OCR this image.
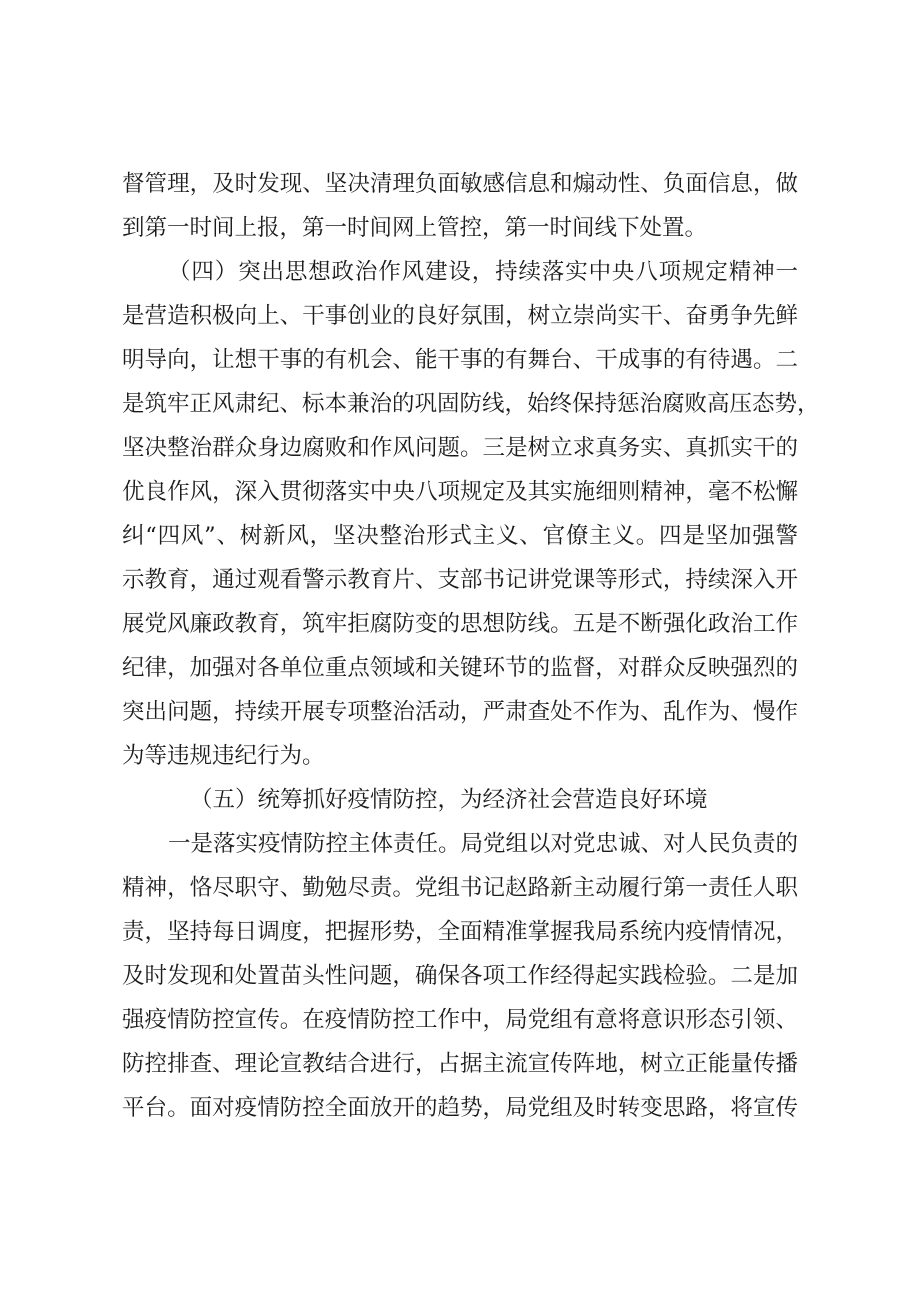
督管理，及时发现、坚决清理负面敏感信息和煽动性、负面信息，做
到第一时间上报，第一时间网上管控，第一时间线下处置。
（四）突出思想政治作风建设，持续落实中央八项规定精神一
是营造积极向上、干事创业的良好氛围，树立崇尚实干、奋勇争先鲜
明导向，让想干事的有机会、能干事的有舞台、干成事的有待遇。二
是筑牢正风肃纪、标本兼治的巩固防线，始终保持惩治腐败高压态势，
坚决整治群众身边腐败和作风问题。三是树立求真务实、真抓实干的
优良作风，深入贯彻落实中央八项规定及其实施细则精神，毫不松懈
纠“四风”、树新风，坚决整治形式主义、官僚主义。四是坚加强警
示教育，通过观看警示教育片、支部书记讲党课等形式，持续深入开
展党风廉政教育，筑牢拒腐防变的思想防线。五是不断强化政治工作
纪律，加强对各单位重点领域和关键环节的监督，对群众反映强烈的
突出问题，持续开展专项整治活动，严肃查处不作为、乱作为、慢作
为等违规违纪行为。
（五）统筹抓好疫情防控，为经济社会营造良好环境
一是落实疫情防控主体责任。局党组以对党忠诚、对人民负责的
精神，恪尽职守、勤勉尽责。党组书记赵路新主动履行第一责任人职
责，坚持每日调度，把握形势，全面精准掌握我局系统内疫情情况，
及时发现和处置苗头性问题，确保各项工作经得起实践检验。二是加
强疫情防控宣传。在疫情防控工作中，局党组有意将意识形态引领、
防控排查、理论宣教结合进行，占据主流宣传阵地，树立正能量传播
平台。面对疫情防控全面放开的趋势，局党组及时转变思路，将宣传
